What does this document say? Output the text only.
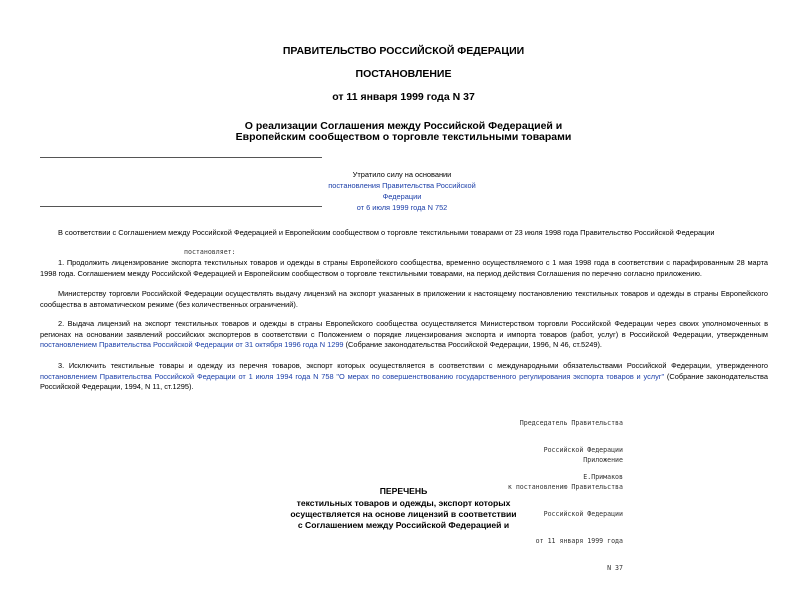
ПРАВИТЕЛЬСТВО РОССИЙСКОЙ ФЕДЕРАЦИИ
ПОСТАНОВЛЕНИЕ
от 11 января 1999 года N 37
О реализации Соглашения между Российской Федерацией и
Европейским сообществом о торговле текстильными товарами
Утратило силу на основании
постановления Правительства Российской Федерации
от 6 июля 1999 года N 752
В соответствии с Соглашением между Российской Федерацией и Европейским сообществом о торговле текстильными товарами от 23 июля 1998 года Правительство Российской Федерации
постановляет:
1. Продолжить лицензирование экспорта текстильных товаров и одежды в страны Европейского сообщества, временно осуществляемого с 1 мая 1998 года в соответствии с парафированным 28 марта 1998 года. Соглашением между Российской Федерацией и Европейским сообществом о торговле текстильными товарами, на период действия Соглашения по перечню согласно приложению.
Министерству торговли Российской Федерации осуществлять выдачу лицензий на экспорт указанных в приложении к настоящему постановлению текстильных товаров и одежды в страны Европейского сообщества в автоматическом режиме (без количественных ограничений).
2. Выдача лицензий на экспорт текстильных товаров и одежды в страны Европейского сообщества осуществляется Министерством торговли Российской Федерации через своих уполномоченных в регионах на основании заявлений российских экспортеров в соответствии с Положением о порядке лицензирования экспорта и импорта товаров (работ, услуг) в Российской Федерации, утвержденным постановлением Правительства Российской Федерации от 31 октября 1996 года N 1299 (Собрание законодательства Российской Федерации, 1996, N 46, ст.5249).
3. Исключить текстильные товары и одежду из перечня товаров, экспорт которых осуществляется в соответствии с международными обязательствами Российской Федерации, утвержденного постановлением Правительства Российской Федерации от 1 июля 1994 года N 758 "О мерах по совершенствованию государственного регулирования экспорта товаров и услуг" (Собрание законодательства Российской Федерации, 1994, N 11, ст.1295).

Председатель Правительства

Российской Федерации

Е.Примаков

Приложение

к постановлению Правительства

Российской Федерации

от 11 января 1999 года

N 37

ПЕРЕЧЕНЬ
текстильных товаров и одежды, экспорт которых
осуществляется на основе лицензий в соответствии
с Соглашением между Российской Федерацией и
